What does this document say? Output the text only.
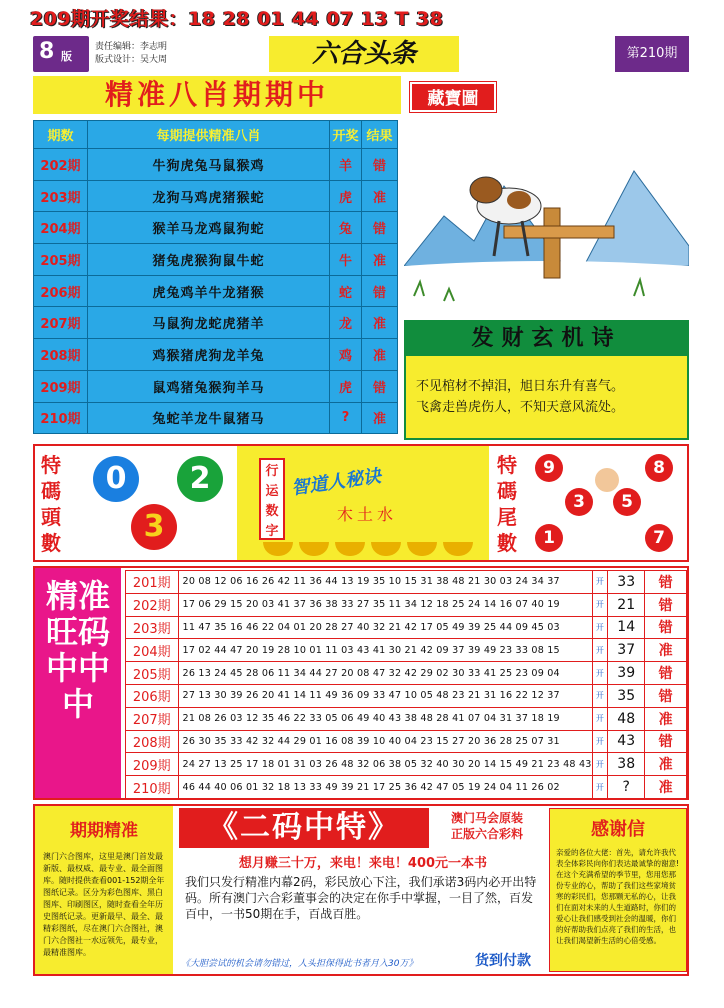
209期开奖结果：18 28 01 44 07 13 T 38
8 版
责任编辑：李志明
版式设计：吴大周	六合头条	第210期
精准八肖期期中	藏寶圖
期数	每期提供精准八肖	开奖	结果
202期	牛狗虎兔马鼠猴鸡	羊	错
203期	龙狗马鸡虎猪猴蛇	虎	准
204期	猴羊马龙鸡鼠狗蛇	兔	错
205期	猪兔虎猴狗鼠牛蛇	牛	准
206期	虎兔鸡羊牛龙猪猴	蛇	错
207期	马鼠狗龙蛇虎猪羊	龙	准
208期	鸡猴猪虎狗龙羊兔	鸡	准
209期	鼠鸡猪兔猴狗羊马	虎	错
210期	兔蛇羊龙牛鼠猪马	?	准
发财玄机诗
不见棺材不掉泪，旭日东升有喜气。
飞禽走兽虎伤人，不知天意风流处。
特碼頭數
0	2
3
行运数字
智道人秘诀
木土水
特碼尾數
9	8
3	5
1	7
精准旺码中中中
201期	20 08 12 06 16 26 42 11 36 44 13 19 35 10 15 31 38 48 21 30 03 24 34 37	开	33	错
202期	17 06 29 15 20 03 41 37 36 38 33 27 35 11 34 12 18 25 24 14 16 07 40 19	开	21	错
203期	11 47 35 16 46 22 04 01 20 28 27 40 32 21 42 17 05 49 39 25 44 09 45 03	开	14	错
204期	17 02 44 47 20 19 28 10 01 11 03 43 41 30 21 42 09 37 39 49 23 33 08 15	开	37	准
205期	26 13 24 45 28 06 11 34 44 27 20 08 47 32 42 29 02 30 33 41 25 23 09 04	开	39	错
206期	27 13 30 39 26 20 41 14 11 49 36 09 33 47 10 05 48 23 21 31 16 22 12 37	开	35	错
207期	21 08 26 03 12 35 46 22 33 05 06 49 40 43 38 48 28 41 07 04 31 37 18 19	开	48	准
208期	26 30 35 33 42 32 44 29 01 16 08 39 10 40 04 23 15 27 20 36 28 25 07 31	开	43	错
209期	24 27 13 25 17 18 01 31 03 26 48 32 06 38 05 32 40 30 20 14 15 49 21 23 48 43	开	38	准
210期	46 44 40 06 01 32 18 13 33 49 39 21 17 25 36 42 47 05 19 24 04 11 26 02	开	?	准
期期精准
澳门六合图库，这里是澳门首发最新版、最权威、最专业、最全面图库。随时提供查看001-152期全年图纸记录。区分为彩色图库、黑白图库、印刷图区，随时查看全年历史图纸记录。更新最早、最全、最精彩图纸，尽在澳门六合图社，澳门六合图社一水远领先，最专业，最精准图库。
《二码中特》	澳门马会原装
正版六合彩料
想月赚三十万，来电！来电！400元一本书
我们只发行精准内幕2码，彩民放心下注，我们承诺3码内必开出特码。所有澳门六合彩董事会的决定在你手中掌握，一目了然，百发百中，一书50期在手，百战百胜。
《大胆尝试的机会请勿错过，人头担保得此书者月入30万》	货到付款
感谢信
亲爱的各位大佬：首先，请允许我代表全体彩民向你们表达最诚挚的谢意!在这个充满希望的季节里，您用您那份专业的心，帮助了我们这些家境贫寒的彩民们，您那颗无私的心，让我们在面对未来的人生道路时，你们的爱心让我们感受到社会的温暖，你们的好帮助我们点亮了我们的生活，也让我们渴望新生活的心倍受感。
